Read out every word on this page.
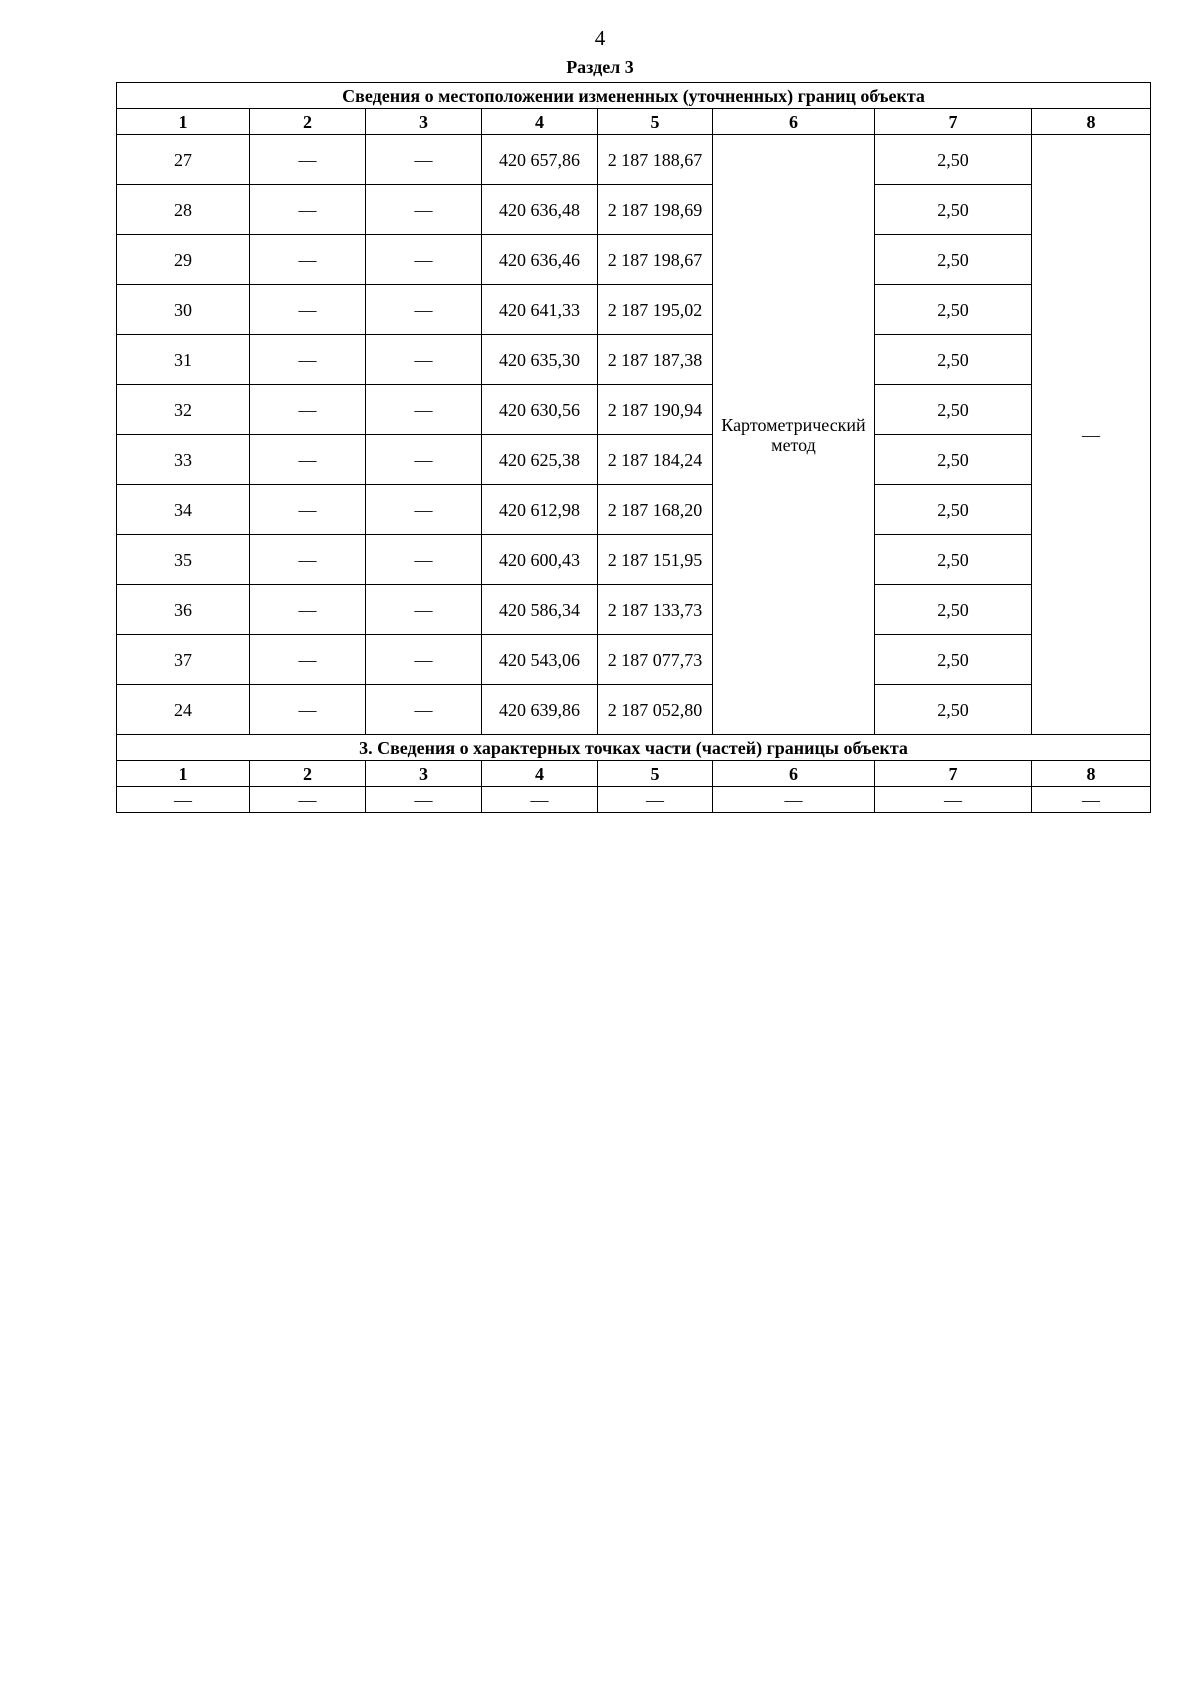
4
Раздел 3
Сведения о местоположении измененных (уточненных) границ объекта							
1	2	3	4	5	6	7	8
27	—	—	420 657,86	2 187 188,67	Картометрический метод	2,50	—
28	—	—	420 636,48	2 187 198,69		2,50	
29	—	—	420 636,46	2 187 198,67		2,50	
30	—	—	420 641,33	2 187 195,02		2,50	
31	—	—	420 635,30	2 187 187,38		2,50	
32	—	—	420 630,56	2 187 190,94		2,50	
33	—	—	420 625,38	2 187 184,24		2,50	
34	—	—	420 612,98	2 187 168,20		2,50	
35	—	—	420 600,43	2 187 151,95		2,50	
36	—	—	420 586,34	2 187 133,73		2,50	
37	—	—	420 543,06	2 187 077,73		2,50	
24	—	—	420 639,86	2 187 052,80		2,50	
3. Сведения о характерных точках части (частей) границы объекта							
1	2	3	4	5	6	7	8
—	—	—	—	—	—	—	—
